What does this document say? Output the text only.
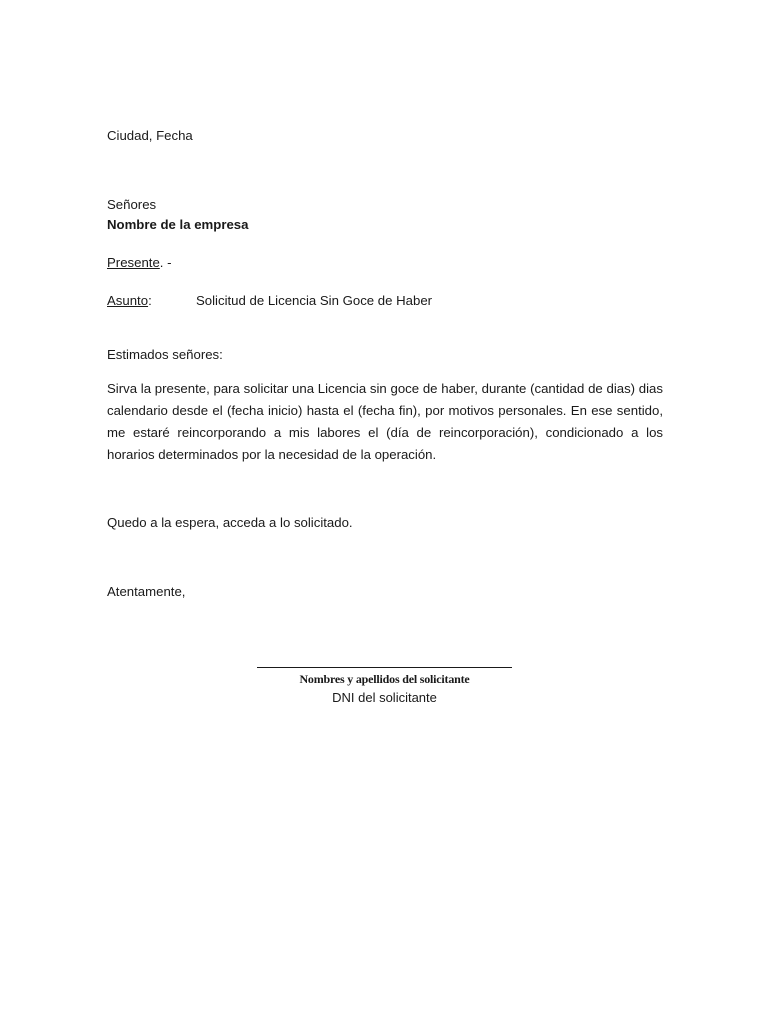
Ciudad, Fecha
Señores
Nombre de la empresa
Presente. -
Asunto:	Solicitud de Licencia Sin Goce de Haber
Estimados señores:
Sirva la presente, para solicitar una Licencia sin goce de haber, durante (cantidad de dias) dias calendario desde el (fecha inicio) hasta el (fecha fin), por motivos personales. En ese sentido, me estaré reincorporando a mis labores el (día de reincorporación), condicionado a los horarios determinados por la necesidad de la operación.
Quedo a la espera, acceda a lo solicitado.
Atentamente,
Nombres y apellidos del solicitante
DNI del solicitante
